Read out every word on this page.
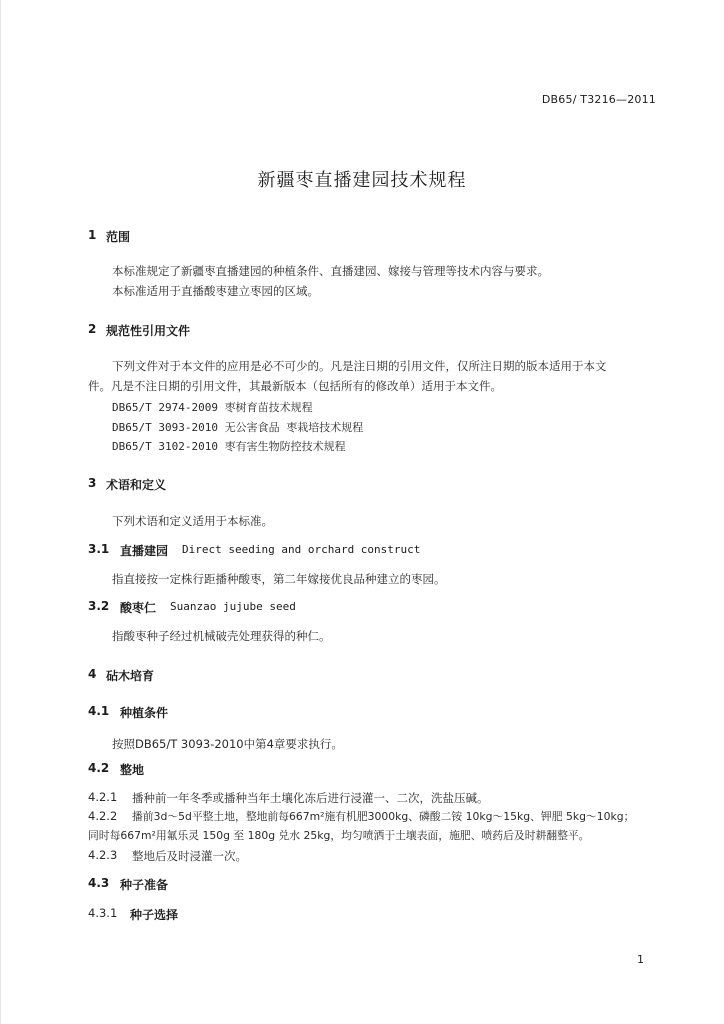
DB65/ T3216—2011
新疆枣直播建园技术规程
1 范围
本标准规定了新疆枣直播建园的种植条件、直播建园、嫁接与管理等技术内容与要求。
本标准适用于直播酸枣建立枣园的区域。
2 规范性引用文件
下列文件对于本文件的应用是必不可少的。凡是注日期的引用文件，仅所注日期的版本适用于本文
件。凡是不注日期的引用文件，其最新版本（包括所有的修改单）适用于本文件。
DB65/T 2974-2009 枣树育苗技术规程
DB65/T 3093-2010 无公害食品 枣栽培技术规程
DB65/T 3102-2010 枣有害生物防控技术规程
3 术语和定义
下列术语和定义适用于本标准。
3.1 直播建园 Direct seeding and orchard construct
指直接按一定株行距播种酸枣，第二年嫁接优良品种建立的枣园。
3.2 酸枣仁 Suanzao jujube seed
指酸枣种子经过机械破壳处理获得的种仁。
4 砧木培育
4.1 种植条件
按照DB65/T 3093-2010中第4章要求执行。
4.2 整地
4.2.1 播种前一年冬季或播种当年土壤化冻后进行浸灌一、二次，洗盐压碱。
4.2.2 播前3d～5d平整土地，整地前每667m²施有机肥3000kg、磷酸二铵 10kg～15kg、钾肥 5kg～10kg；
同时每667m²用氟乐灵 150g 至 180g 兑水 25kg，均匀喷洒于土壤表面，施肥、喷药后及时耕翻整平。
4.2.3 整地后及时浸灌一次。
4.3 种子准备
4.3.1 种子选择
1
